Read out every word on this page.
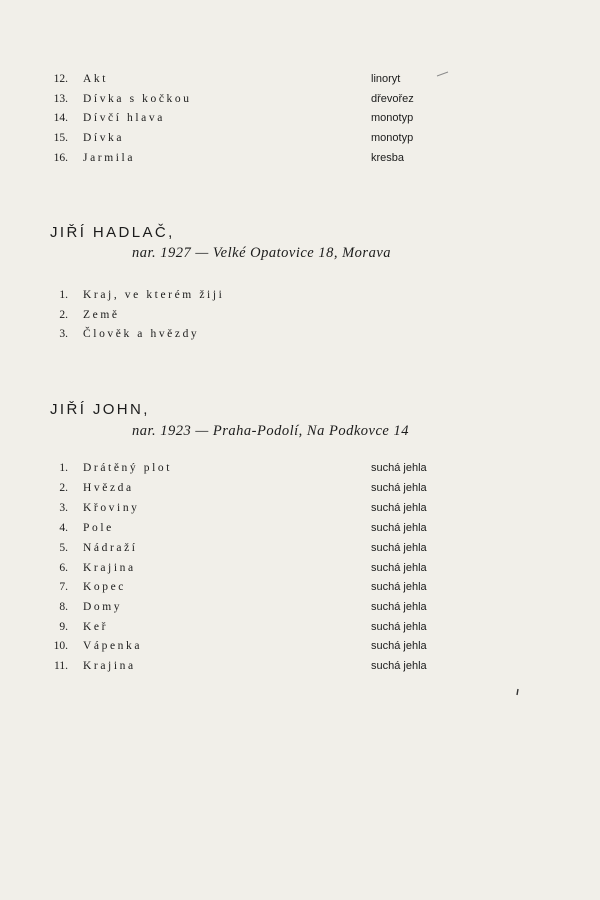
12. Akt	linoryt
13. Dívka s kočkou	dřevořez
14. Dívčí hlava	monotyp
15. Dívka	monotyp
16. Jarmila	kresba
JIŘÍ HADLAČ,
nar. 1927 — Velké Opatovice 18, Morava
1. Kraj, ve kterém žiji
2. Země
3. Člověk a hvězdy
JIŘÍ JOHN,
nar. 1923 — Praha-Podolí, Na Podkovce 14
1. Drátěný plot	suchá jehla
2. Hvězda	suchá jehla
3. Křoviny	suchá jehla
4. Pole	suchá jehla
5. Nádraží	suchá jehla
6. Krajina	suchá jehla
7. Kopec	suchá jehla
8. Domy	suchá jehla
9. Keř	suchá jehla
10. Vápenka	suchá jehla
11. Krajina	suchá jehla
